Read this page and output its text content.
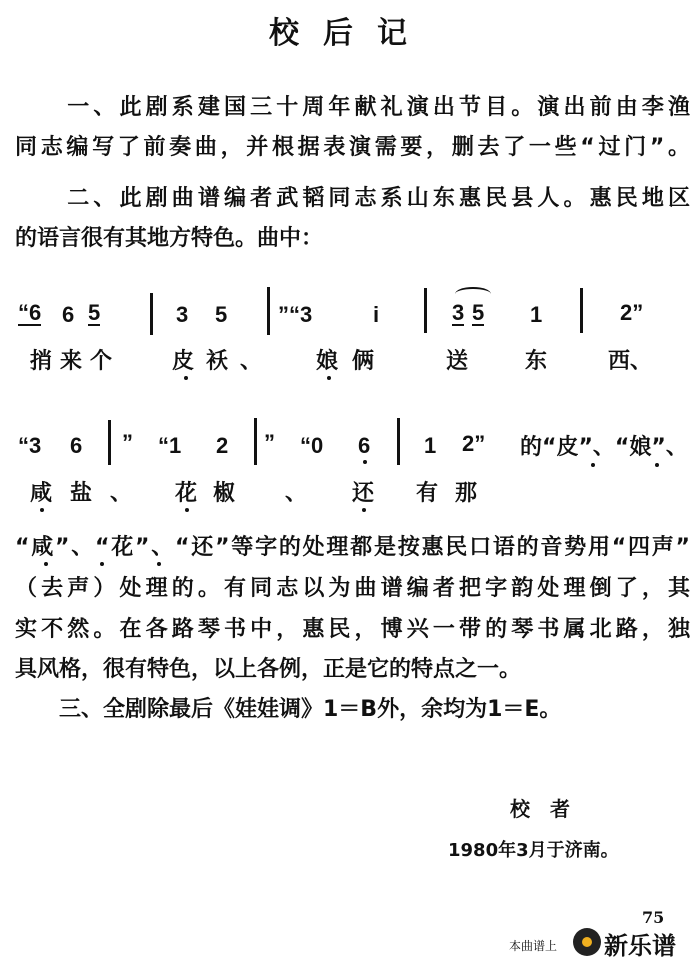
校后记
　　一、此剧系建国三十周年献礼演出节目。演出前由李渔
同志编写了前奏曲，并根据表演需要，删去了一些“过门”。
　　二、此剧曲谱编者武韬同志系山东惠民县人。惠民地区
的语言很有其地方特色。曲中：
“6 6 5	3 5 ”“3	i	3 5 1	2”
捎 来 个	皮 袄 、 娘 俩	送	东	西、
“3 6 ” “1 2 ” “0 6 1 2” 的“皮”、“娘”、
咸 盐 、 花 椒 、 还 有 那
“咸”、“花”、“还”等字的处理都是按惠民口语的音势用“四声”
（去声）处理的。有同志以为曲谱编者把字韵处理倒了，其
实不然。在各路琴书中，惠民，博兴一带的琴书属北路，独
具风格，很有特色，以上各例，正是它的特点之一。
　　三、全剧除最后《娃娃调》1＝B外，余均为1＝E。
校　者
1980年3月于济南。
75
本曲谱上 新乐谱
